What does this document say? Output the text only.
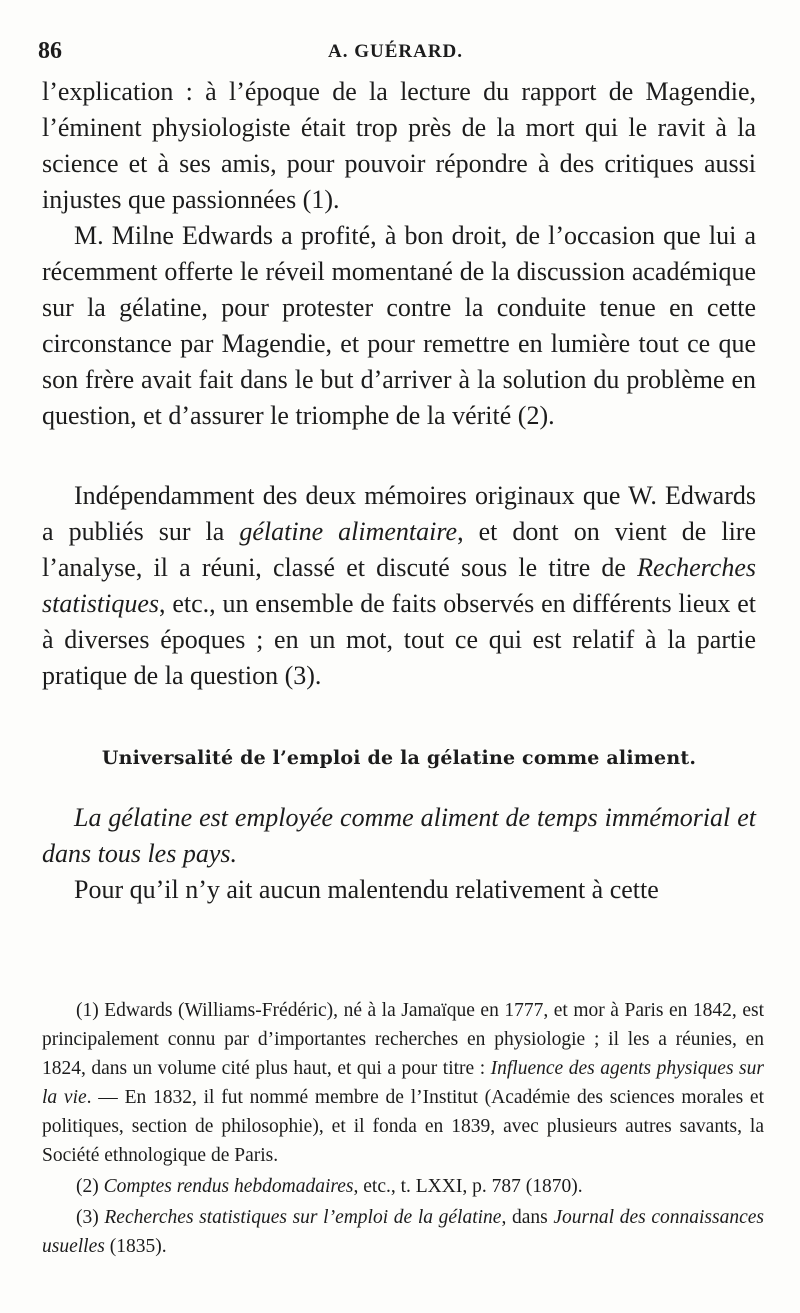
86	A. GUÉRARD.

l’explication : à l’époque de la lecture du rapport de Magendie, l’éminent physiologiste était trop près de la mort qui le ravit à la science et à ses amis, pour pouvoir répondre à des critiques aussi injustes que passionnées (1).

M. Milne Edwards a profité, à bon droit, de l’occasion que lui a récemment offerte le réveil momentané de la discussion académique sur la gélatine, pour protester contre la conduite tenue en cette circonstance par Magendie, et pour remettre en lumière tout ce que son frère avait fait dans le but d’arriver à la solution du problème en question, et d’assurer le triomphe de la vérité (2).

Indépendamment des deux mémoires originaux que W. Edwards a publiés sur la gélatine alimentaire, et dont on vient de lire l’analyse, il a réuni, classé et discuté sous le titre de Recherches statistiques, etc., un ensemble de faits observés en différents lieux et à diverses époques ; en un mot, tout ce qui est relatif à la partie pratique de la question (3).

Universalité de l’emploi de la gélatine comme aliment.

La gélatine est employée comme aliment de temps immémorial et dans tous les pays.

Pour qu’il n’y ait aucun malentendu relativement à cette

(1) Edwards (Williams-Frédéric), né à la Jamaïque en 1777, et mor à Paris en 1842, est principalement connu par d’importantes recherches en physiologie ; il les a réunies, en 1824, dans un volume cité plus haut, et qui a pour titre : Influence des agents physiques sur la vie. — En 1832, il fut nommé membre de l’Institut (Académie des sciences morales et politiques, section de philosophie), et il fonda en 1839, avec plusieurs autres savants, la Société ethnologique de Paris.

(2) Comptes rendus hebdomadaires, etc., t. LXXI, p. 787 (1870).

(3) Recherches statistiques sur l’emploi de la gélatine, dans Journal des connaissances usuelles (1835).
